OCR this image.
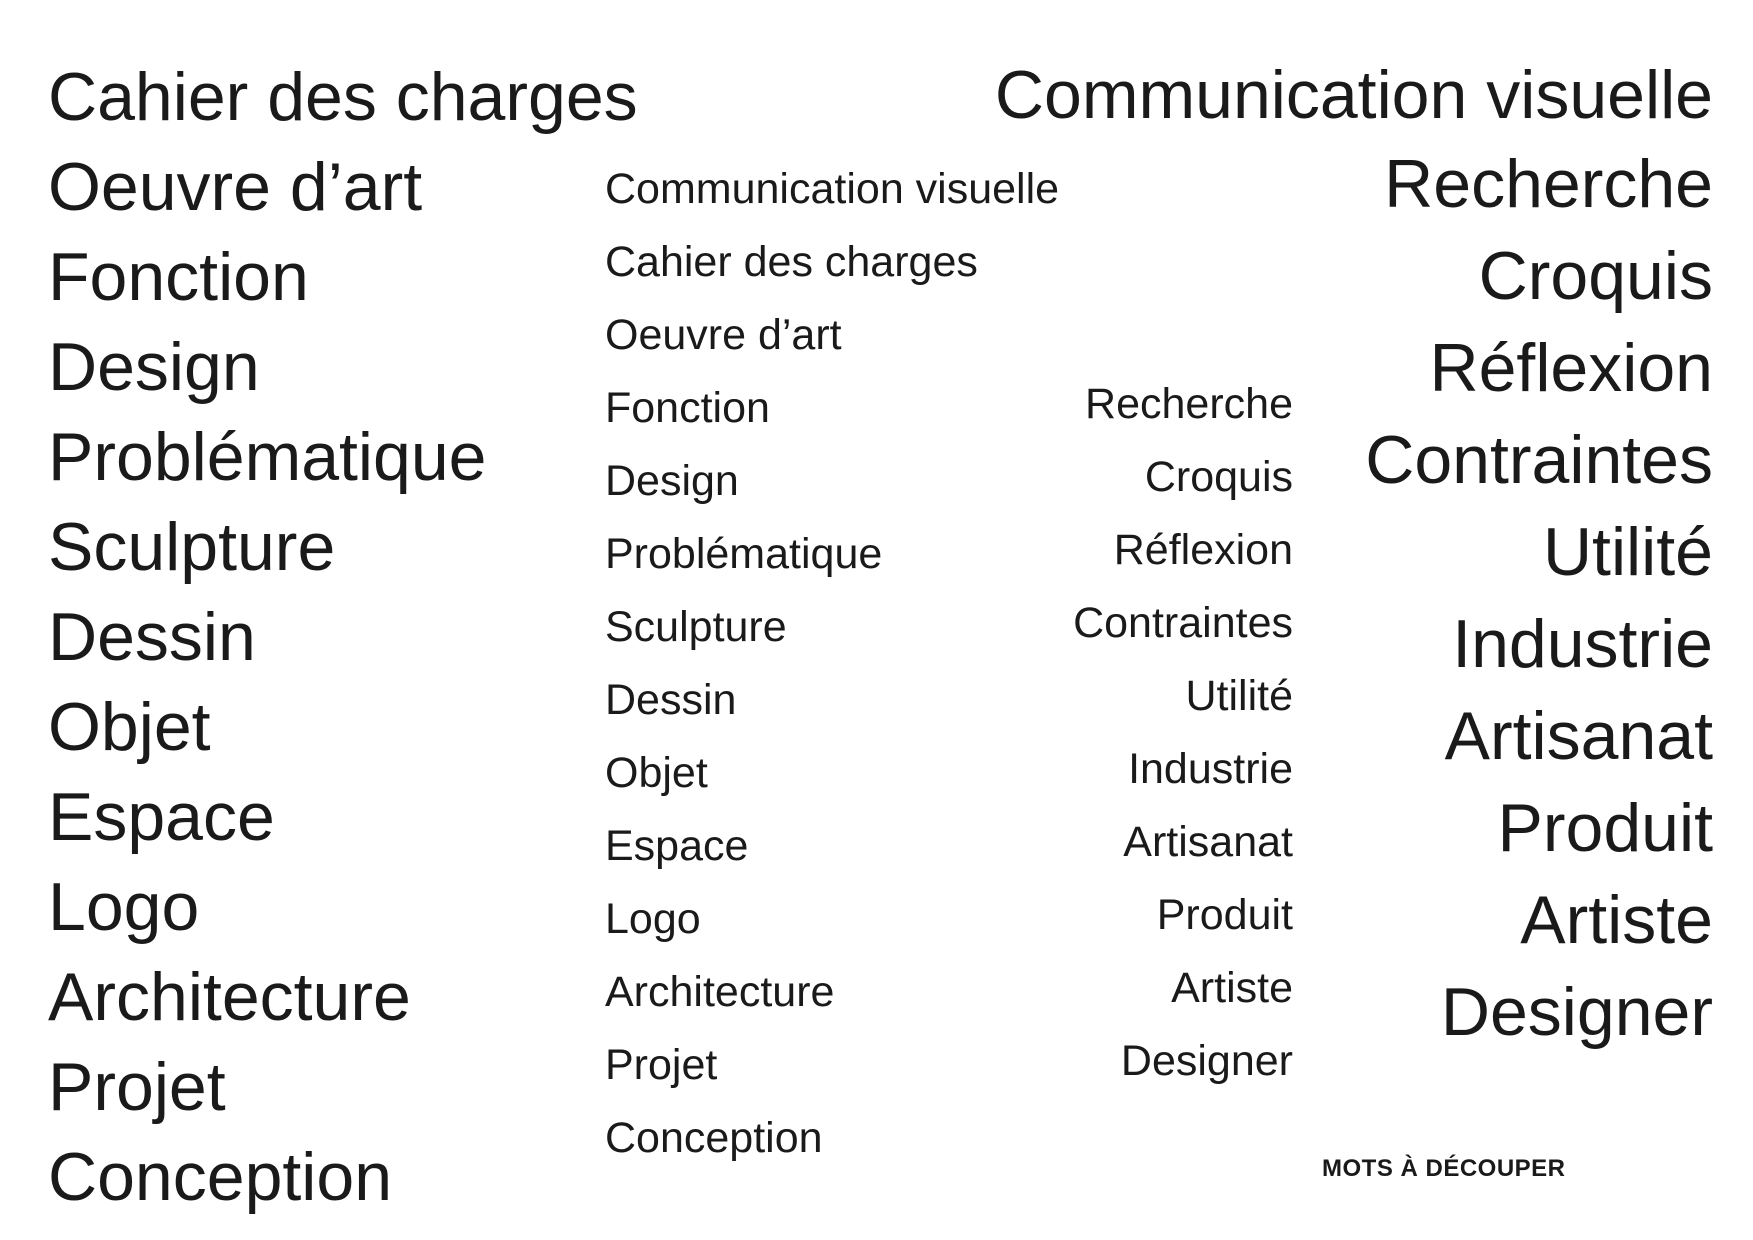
Cahier des charges
Oeuvre d’art
Fonction
Design
Problématique
Sculpture
Dessin
Objet
Espace
Logo
Architecture
Projet
Conception
Communication visuelle
Cahier des charges
Oeuvre d’art
Fonction
Design
Problématique
Sculpture
Dessin
Objet
Espace
Logo
Architecture
Projet
Conception
Recherche
Croquis
Réflexion
Contraintes
Utilité
Industrie
Artisanat
Produit
Artiste
Designer
Communication visuelle
Recherche
Croquis
Réflexion
Contraintes
Utilité
Industrie
Artisanat
Produit
Artiste
Designer
MOTS À DÉCOUPER
